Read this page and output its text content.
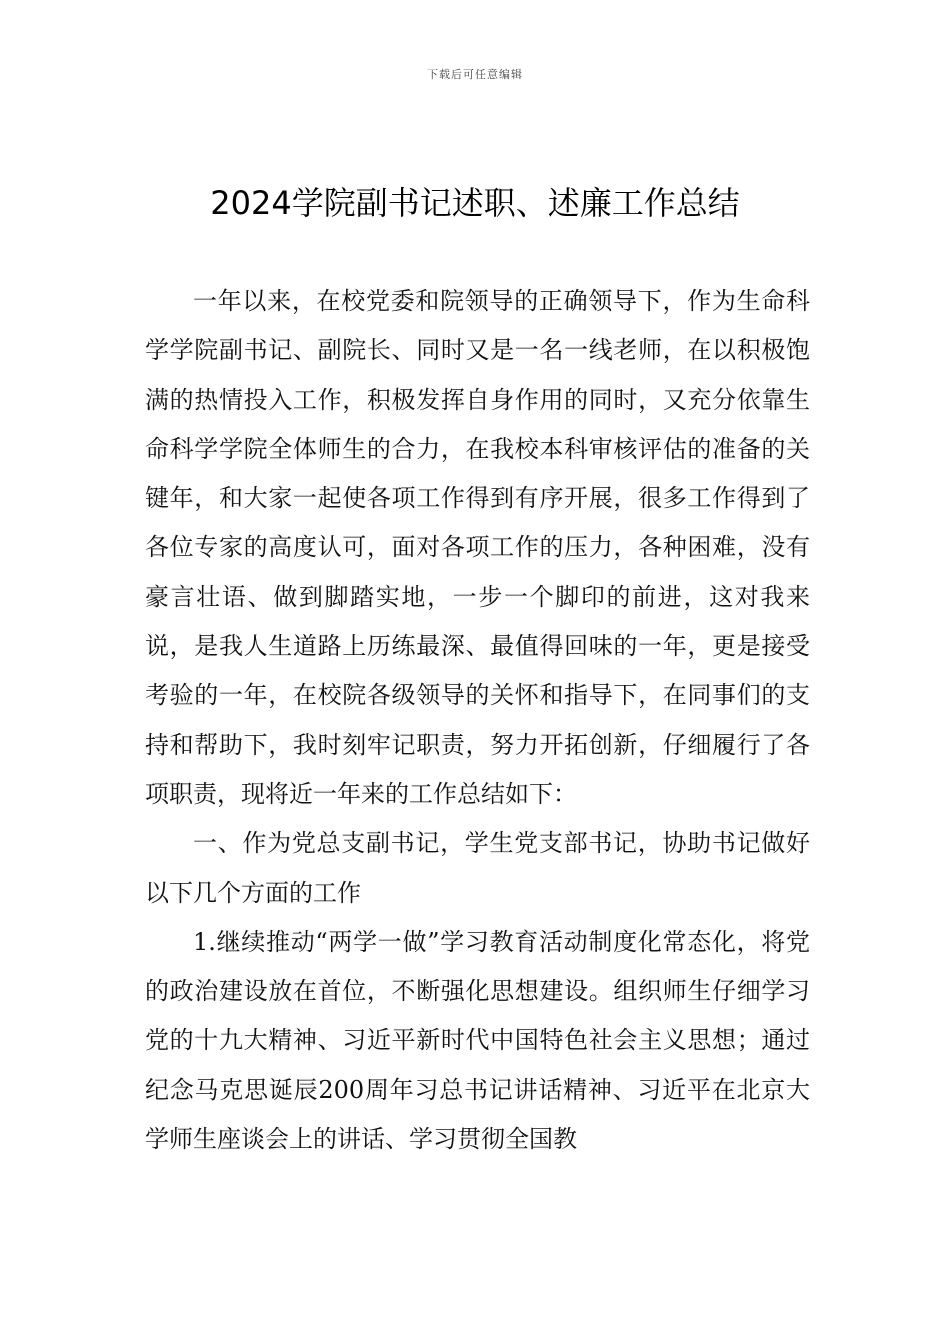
下载后可任意编辑
2024学院副书记述职、述廉工作总结

一年以来，在校党委和院领导的正确领导下，作为生命科学学院副书记、副院长、同时又是一名一线老师，在以积极饱满的热情投入工作，积极发挥自身作用的同时，又充分依靠生命科学学院全体师生的合力，在我校本科审核评估的准备的关键年，和大家一起使各项工作得到有序开展，很多工作得到了各位专家的高度认可，面对各项工作的压力，各种困难，没有豪言壮语、做到脚踏实地，一步一个脚印的前进，这对我来说，是我人生道路上历练最深、最值得回味的一年，更是接受考验的一年，在校院各级领导的关怀和指导下，在同事们的支持和帮助下，我时刻牢记职责，努力开拓创新，仔细履行了各项职责，现将近一年来的工作总结如下：

一、作为党总支副书记，学生党支部书记，协助书记做好以下几个方面的工作

1.继续推动“两学一做”学习教育活动制度化常态化，将党的政治建设放在首位，不断强化思想建设。组织师生仔细学习党的十九大精神、习近平新时代中国特色社会主义思想；通过纪念马克思诞辰200周年习总书记讲话精神、习近平在北京大学师生座谈会上的讲话、学习贯彻全国教
